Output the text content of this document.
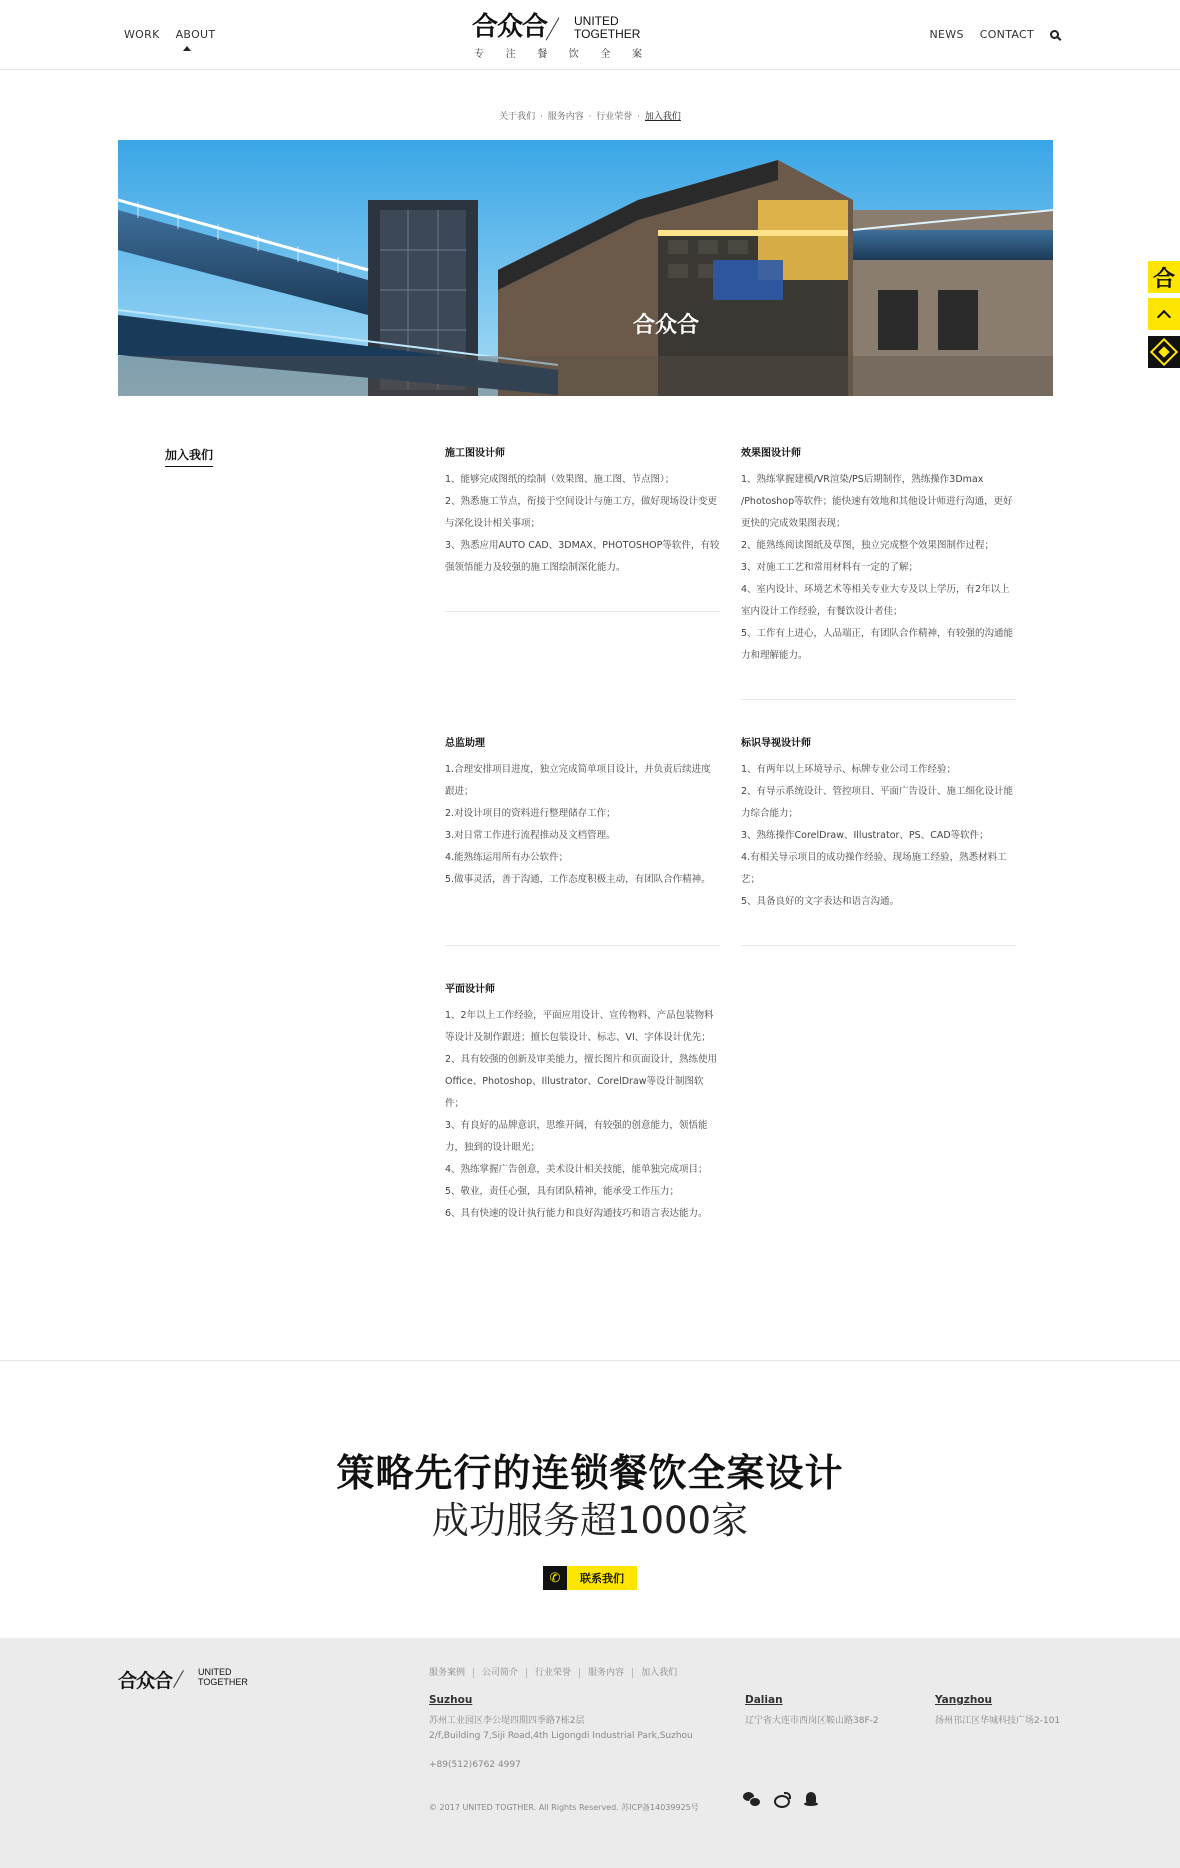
WORK ABOUT	合众合 UNITED
TOGETHER
专 注 餐 饮 全 案
NEWS CONTACT
关于我们 · 服务内容 · 行业荣誉 · 加入我们
合众合
合
加入我们	施工图设计师

1、能够完成图纸的绘制（效果图、施工图、节点图）；
2、熟悉施工节点，衔接于空间设计与施工方，做好现场设计变更与深化设计相关事项；
3、熟悉应用AUTO CAD、3DMAX、PHOTOSHOP等软件，有较强领悟能力及较强的施工图绘制深化能力。

效果图设计师

1、熟练掌握建模/VR渲染/PS后期制作，熟练操作3Dmax /Photoshop等软件；能快速有效地和其他设计师进行沟通，更好更快的完成效果图表现；
2、能熟练阅读图纸及草图，独立完成整个效果图制作过程；
3、对施工工艺和常用材料有一定的了解；
4、室内设计、环境艺术等相关专业大专及以上学历，有2年以上室内设计工作经验，有餐饮设计者佳；
5、工作有上进心，人品端正，有团队合作精神，有较强的沟通能力和理解能力。

总监助理

1.合理安排项目进度，独立完成简单项目设计，并负责后续进度跟进；
2.对设计项目的资料进行整理储存工作；
3.对日常工作进行流程推动及文档管理。
4.能熟练运用所有办公软件；
5.做事灵活，善于沟通，工作态度积极主动，有团队合作精神。

标识导视设计师

1、有两年以上环境导示、标牌专业公司工作经验；
2、有导示系统设计、管控项目、平面广告设计、施工细化设计能力综合能力；
3、熟练操作CorelDraw、Illustrator、PS、CAD等软件；
4.有相关导示项目的成功操作经验、现场施工经验，熟悉材料工艺；
5、具备良好的文字表达和语言沟通。

平面设计师

1、2年以上工作经验，平面应用设计、宣传物料、产品包装物料等设计及制作跟进；擅长包装设计、标志、VI、字体设计优先；
2、具有较强的创新及审美能力，擅长图片和页面设计，熟练使用Office、Photoshop、Illustrator、CorelDraw等设计制图软件；
3、有良好的品牌意识，思维开阔，有较强的创意能力，领悟能力，独到的设计眼光；
4、熟练掌握广告创意，美术设计相关技能，能单独完成项目；
5、敬业，责任心强，具有团队精神，能承受工作压力；
6、具有快速的设计执行能力和良好沟通技巧和语言表达能力。

策略先行的连锁餐饮全案设计
成功服务超1000家
✆	联系我们
合众合	UNITED
TOGETHER
服务案例	公司简介	行业荣誉	服务内容	加入我们
Suzhou

苏州工业园区李公堤四期四季路7栋2层

2/f,Building 7,Siji Road,4th Ligongdi Industrial Park,Suzhou

Dalian

辽宁省大连市西岗区鞍山路38F-2

Yangzhou

扬州邗江区华城科技广场2-101

+89(512)6762 4997
© 2017 UNITED TOGTHER. All Rights Reserved. 苏ICP备14039925号
